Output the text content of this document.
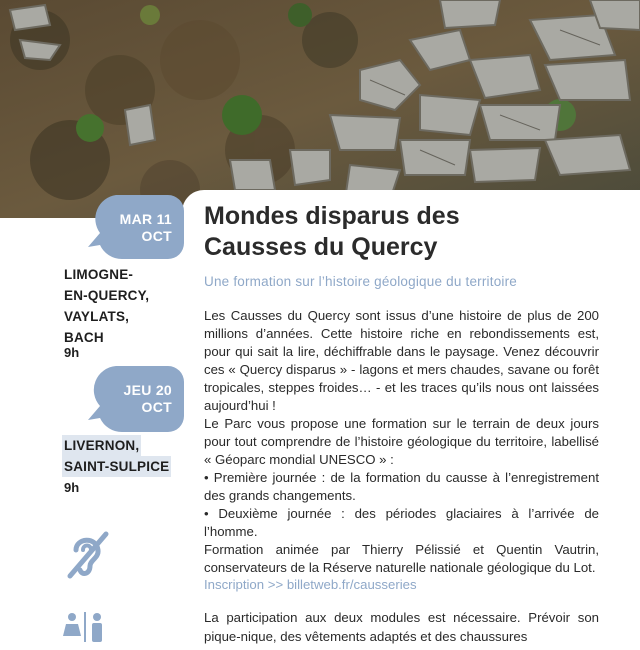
MAR 11
OCT
LIMOGNE-
EN-QUERCY,
VAYLATS,
BACH
9h
JEU 20
OCT
LIVERNON,
SAINT-SULPICE
9h
Mondes disparus des
Causses du Quercy
Une formation sur l’histoire géologique du territoire

Les Causses du Quercy sont issus d’une histoire de plus de 200 millions d’années. Cette histoire riche en rebondissements est, pour qui sait la lire, déchiffrable dans le paysage. Venez découvrir ces « Quercy disparus » - lagons et mers chaudes, savane ou forêt tropicales, steppes froides… - et les traces qu’ils nous ont laissées aujourd’hui !

Le Parc vous propose une formation sur le terrain de deux jours pour tout comprendre de l’histoire géologique du territoire, labellisé « Géoparc mondial UNESCO » :

• Première journée : de la formation du causse à l’enregistrement des grands changements.

• Deuxième journée : des périodes glaciaires à l’arrivée de l’homme.

Formation animée par Thierry Pélissié et Quentin Vautrin, conservateurs de la Réserve naturelle nationale géologique du Lot.

Inscription >> billetweb.fr/causseries
La participation aux deux modules est nécessaire. Prévoir son pique-nique, des vêtements adaptés et des chaussures
